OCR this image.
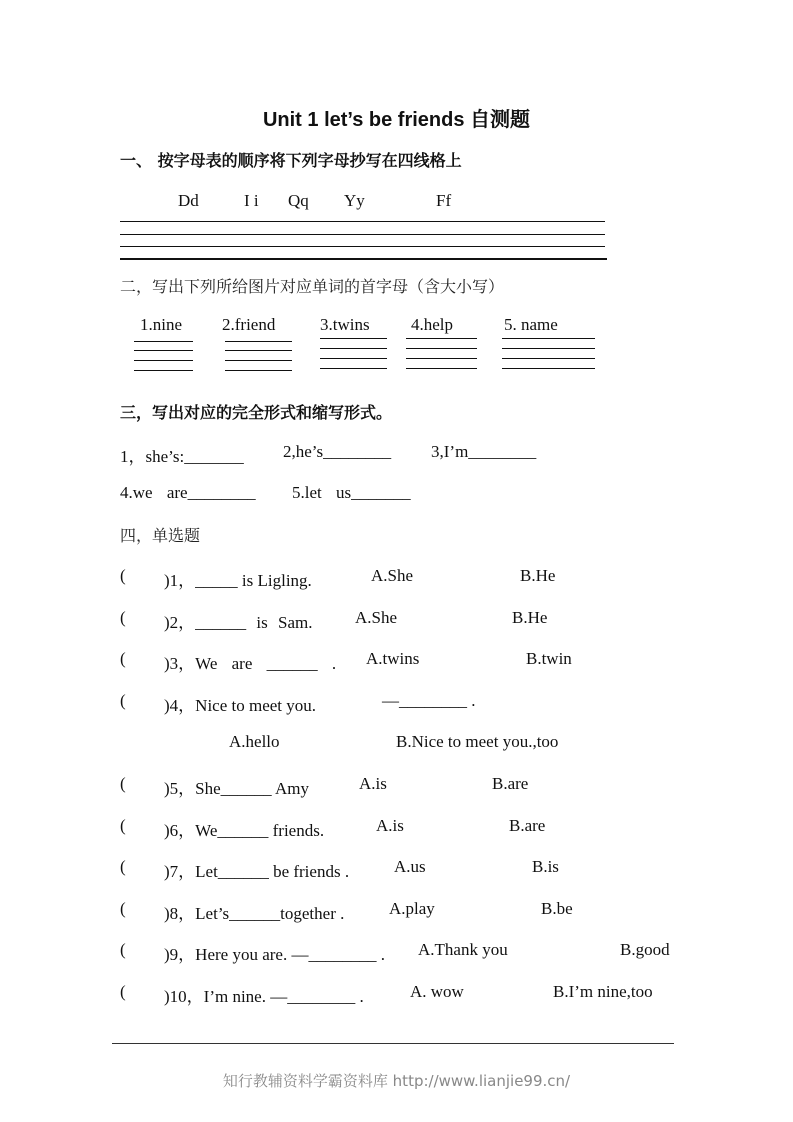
Unit 1 let’s be friends 自测题
一、 按字母表的顺序将下列字母抄写在四线格上
Dd	I i Qq Yy	Ff
二，写出下列所给图片对应单词的首字母（含大小写）
1.nine 2.friend	3.twins 4.help	5. name
三，写出对应的完全形式和缩写形式。
1，she’s:_______ 2,he’s________ 3,I’m________
4.we are________ 5.let us_______
四，单选题
( )1，_____ is Ligling.	A.She	B.He
( )2，______ is Sam.	A.She	B.He
( )3，We are ______ . A.twins	B.twin
( )4，Nice to meet you.	—________ .
A.hello	B.Nice to meet you.,too
( )5，She______ Amy	A.is	B.are
( )6，We______ friends.	A.is	B.are
( )7，Let______ be friends .	A.us	B.is
( )8，Let’s______together .	A.play	B.be
( )9，Here you are. —________ . A.Thank you	B.good
( )10，I’m nine. —________ .	A. wow	B.I’m nine,too
知行教辅资料学霸资料库 http://www.lianjie99.cn/
